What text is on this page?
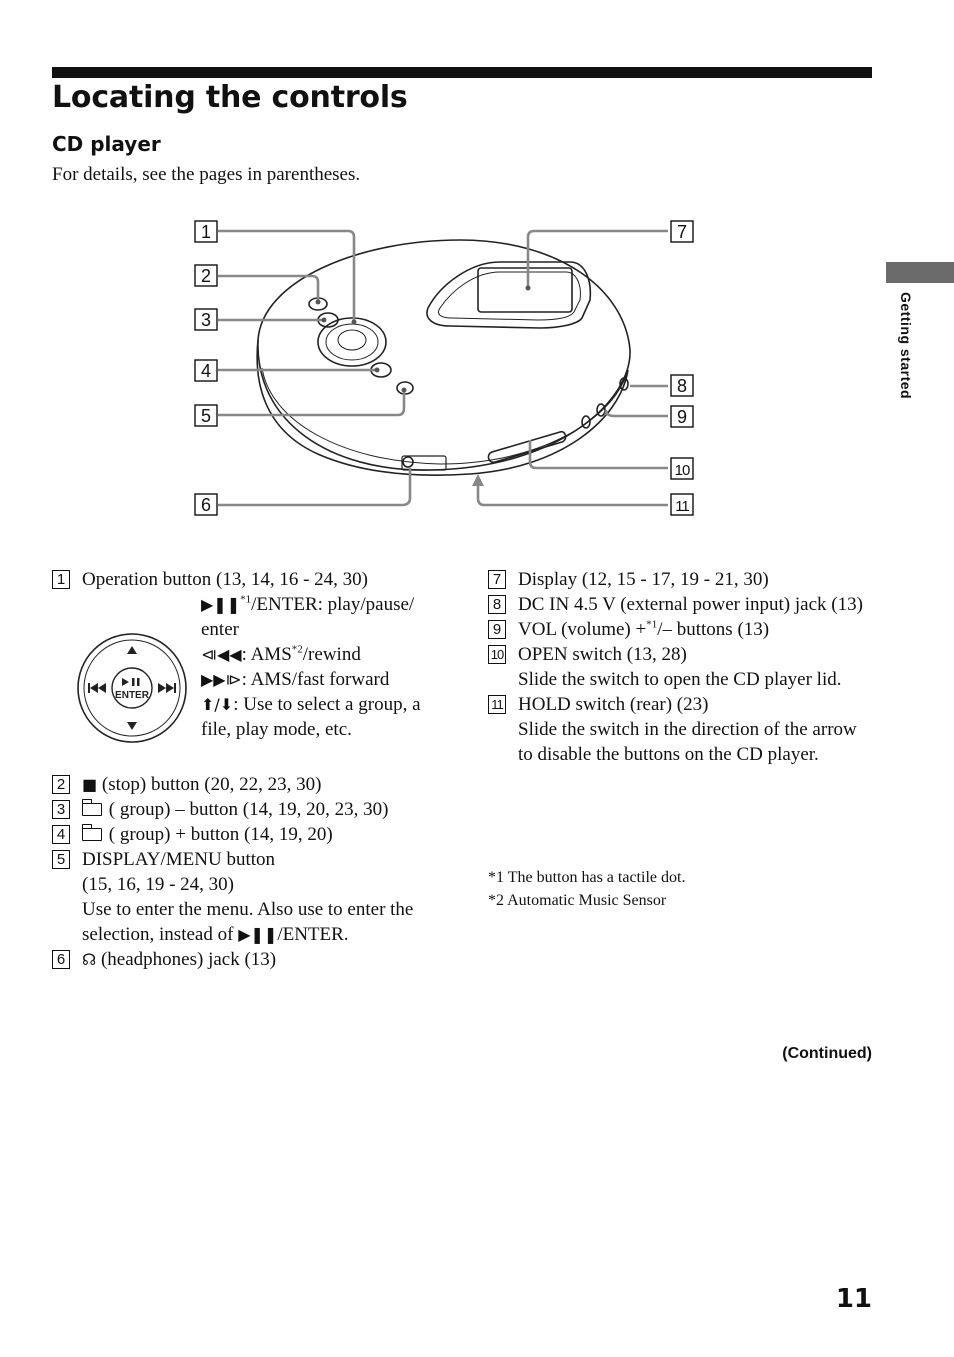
Locating the controls
CD player
For details, see the pages in parentheses.
Getting started
1
2
3
4
5
6
7
8
9
10
11
1 Operation button (13, 14, 16 - 24, 30)
ENTER
▶❚❚$^{*1}$/ENTER: play/pause/ enter
⧏◀◀: AMS$^{*2}$/rewind
▶▶⧐: AMS/fast forward
⬆/⬇: Use to select a group, a file, play mode, etc.
2	■ (stop) button (20, 22, 23, 30)
3 ( group) – button (14, 19, 20, 23, 30)
4 ( group) + button (14, 19, 20)
5 DISPLAY/MENU button
(15, 16, 19 - 24, 30)
Use to enter the menu. Also use to enter the selection, instead of ▶❚❚/ENTER.
6	☊ (headphones) jack (13)
7 Display (12, 15 - 17, 19 - 21, 30)
8 DC IN 4.5 V (external power input) jack (13)
9 VOL (volume) +$^{*1}$/– buttons (13)
10 OPEN switch (13, 28)
Slide the switch to open the CD player lid.
11 HOLD switch (rear) (23)
Slide the switch in the direction of the arrow to disable the buttons on the CD player.
*1 The button has a tactile dot.
*2 Automatic Music Sensor
(Continued)
11
